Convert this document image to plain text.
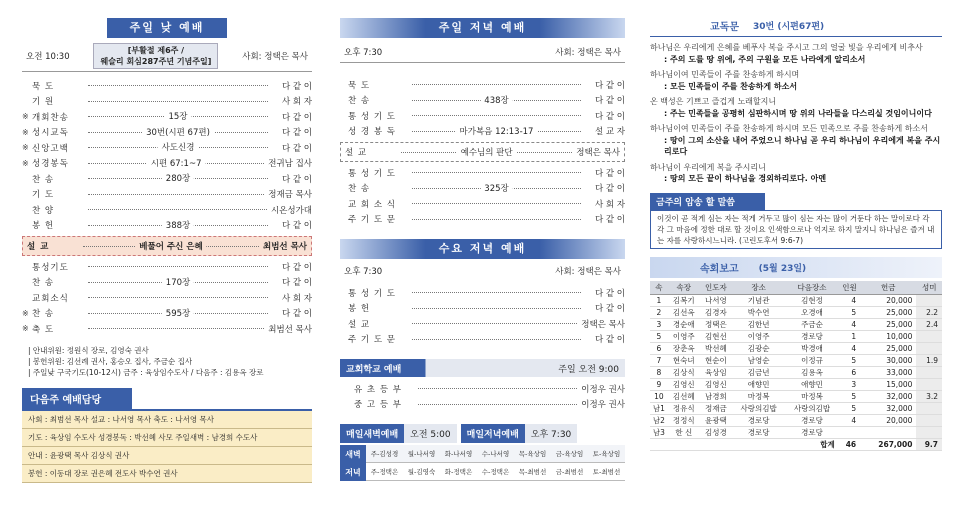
주일 낮 예배
오전 10:30
[부활절 제6주 /
웨슬리 회심287주년 기념주일]	사회: 정택은 목사
묵 도	다 같 이
기 원	사 회 자
※ 개회찬송	15장	다 같 이
※ 성시교독	30번(시편 67편)	다 같 이
※ 신앙고백	사도신경	다 같 이
※ 성경봉독	시편 67:1~7	전귀남 집사
찬 송	280장	다 같 이
기 도	정재금 목사
찬 양	시온성가대
봉 헌	388장	다 같 이
설 교	베풀어 주신 은혜	최범선 목사
통성기도	다 같 이
찬 송	170장	다 같 이
교회소식	사 회 자
※ 찬 송	595장	다 같 이
※ 축 도	최범선 목사
| 안내위원: 정원식 장로, 김영숙 권사
| 봉헌위원: 김선례 권사, 홍승오 집사, 주금순 집사
| 주일낮 구국기도(10-12시) 금주 : 육상임수도사 / 다음주 : 김용옥 장로
다음주 예배담당
사회 : 최범선 목사 설교 : 나서영 목사 축도 : 나서영 목사
기도 : 육상임 수도사 성경봉독 : 박선혜 사모 주일새벽 : 남경희 수도사
안내 : 윤광택 목사 김상식 권사
봉헌 : 이동대 장로 권은혜 전도사 박수연 권사
주일 저녁 예배
오후 7:30	사회: 정택은 목사
묵 도	다 같 이
찬 송	438장	다 같 이
통 성 기 도	다 같 이
성 경 봉 독	마가복음 12:13-17	설 교 자
설 교	예수님의 판단	정택은 목사
통 성 기 도	다 같 이
찬 송	325장	다 같 이
교 회 소 식	사 회 자
주 기 도 문	다 같 이
수요 저녁 예배
오후 7:30	사회: 정택은 목사
통 성 기 도	다 같 이
봉 헌	다 같 이
설 교	정택은 목사
주 기 도 문	다 같 이
교회학교 예배	주일 오전 9:00
유 초 등 부	이정우 권사
중 고 등 부	이정우 권사
매일새벽예배	오전 5:00	매일저녁예배	오후 7:30
새벽	주-김성경	월-나서영	화-나서영	수-나서영	목-육상임	금-육상임	토-육상임
저녁	주-정택은	월-김영숙	화-정택은	수-정택은	목-최범선	금-최범선	토-최범선
교독문	30번 (시편67편)

하나님은 우리에게 은혜를 베푸사 복을 주시고 그의 얼굴 빛을 우리에게 비추사

: 주의 도를 땅 위에, 주의 구원을 모든 나라에게 알리소서

하나님이여 민족들이 주를 찬송하게 하시며

: 모든 민족들이 주를 찬송하게 하소서

온 백성은 기쁘고 즐겁게 노래할지니

: 주는 민족들을 공평히 심판하시며 땅 위의 나라들을 다스리실 것임이니이다

하나님이여 민족들이 주를 찬송하게 하시며 모든 민족으로 주를 찬송하게 하소서

: 땅이 그의 소산을 내어 주었으니 하나님 곧 우리 하나님이 우리에게 복을 주시리로다

하나님이 우리에게 복을 주시리니

: 땅의 모든 끝이 하나님을 경외하리로다. 아멘

금주의 암송 할 말씀
이것이 곧 적게 심는 자는 적게 거두고 많이 심는 자는 많이 거둔다 하는 말이로다 각각 그 마음에 정한 대로 할 것이요 인색함으로나 억지로 하지 말지니 하나님은 즐겨 내는 자를 사랑하시느니라. (고린도후서 9:6-7)
속회보고	(5월 23일)
속	속장	인도자	장소	다음장소	인원	헌금	성미
1	김복기	나서영	기념관	김현정	4	20,000	
2	김선옥	김경자	박수연	오경애	5	25,000	2.2
3	경순애	정택은	김한년	주금순	4	25,000	2.4
5	이영주	김현선	이영주	경로당	1	10,000	
6	장춘옥	박선혜	김광순	박경애	4	25,000	
7	현숙녀	현순이	남영순	이정규	5	30,000	1.9
8	김상식	육상임	김금년	김용옥	6	33,000	
9	김영신	김영신	애향민	애향민	3	15,000	
10	김선혜	남경희	마정복	마정복	5	32,000	3.2
남1	정유식	정재금	사랑의김밥	사랑의김밥	5	32,000	
남2	정정식	윤광택	경로당	경로당	4	20,000	
남3	한 신	김성경	경로당	경로당			
합계					46	267,000	9.7
